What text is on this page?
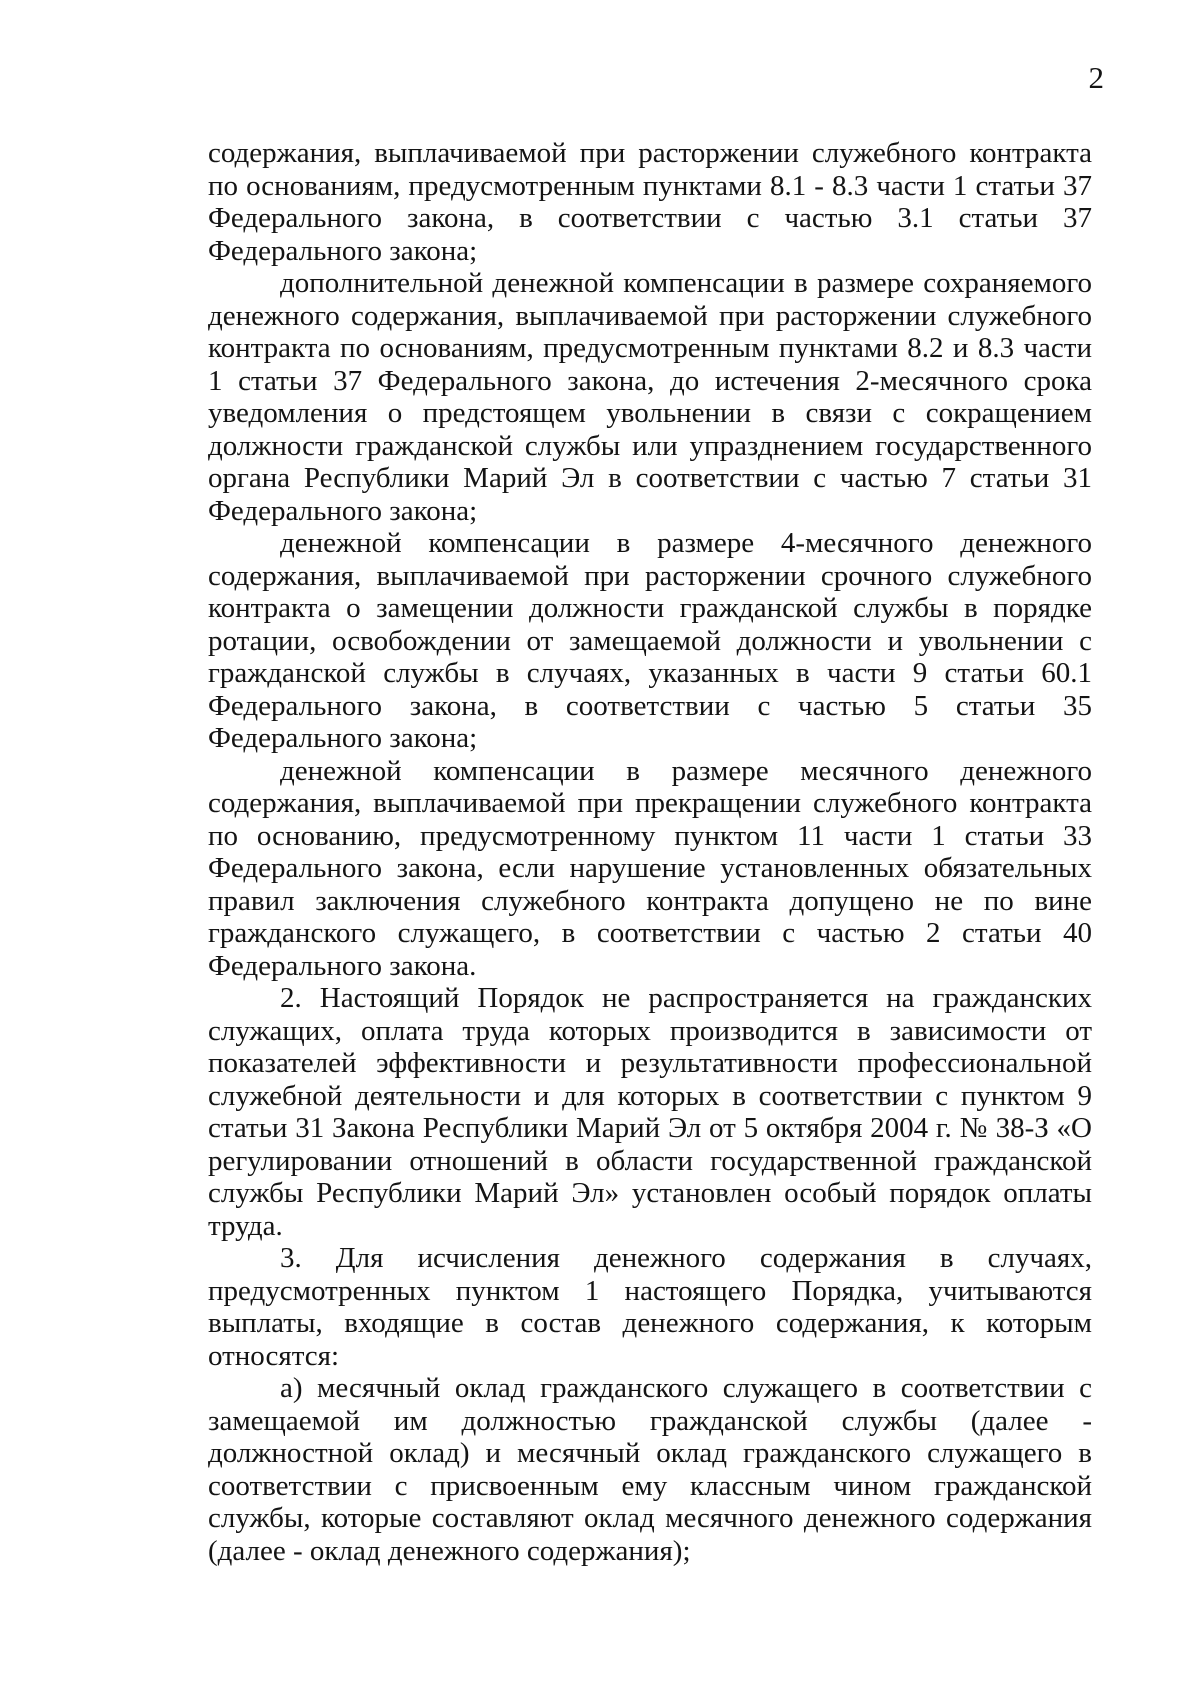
2

содержания, выплачиваемой при расторжении служебного контракта по основаниям, предусмотренным пунктами 8.1 - 8.3 части 1 статьи 37 Федерального закона, в соответствии с частью 3.1 статьи 37 Федерального закона;

дополнительной денежной компенсации в размере сохраняемого денежного содержания, выплачиваемой при расторжении служебного контракта по основаниям, предусмотренным пунктами 8.2 и 8.3 части 1 статьи 37 Федерального закона, до истечения 2-месячного срока уведомления о предстоящем увольнении в связи с сокращением должности гражданской службы или упразднением государственного органа Республики Марий Эл в соответствии с частью 7 статьи 31 Федерального закона;

денежной компенсации в размере 4-месячного денежного содержания, выплачиваемой при расторжении срочного служебного контракта о замещении должности гражданской службы в порядке ротации, освобождении от замещаемой должности и увольнении с гражданской службы в случаях, указанных в части 9 статьи 60.1 Федерального закона, в соответствии с частью 5 статьи 35 Федерального закона;

денежной компенсации в размере месячного денежного содержания, выплачиваемой при прекращении служебного контракта по основанию, предусмотренному пунктом 11 части 1 статьи 33 Федерального закона, если нарушение установленных обязательных правил заключения служебного контракта допущено не по вине гражданского служащего, в соответствии с частью 2 статьи 40 Федерального закона.

2. Настоящий Порядок не распространяется на гражданских служащих, оплата труда которых производится в зависимости от показателей эффективности и результативности профессиональной служебной деятельности и для которых в соответствии с пунктом 9 статьи 31 Закона Республики Марий Эл от 5 октября 2004 г. № 38-З «О регулировании отношений в области государственной гражданской службы Республики Марий Эл» установлен особый порядок оплаты труда.

3. Для исчисления денежного содержания в случаях, предусмотренных пунктом 1 настоящего Порядка, учитываются выплаты, входящие в состав денежного содержания, к которым относятся:

а) месячный оклад гражданского служащего в соответствии с замещаемой им должностью гражданской службы (далее - должностной оклад) и месячный оклад гражданского служащего в соответствии с присвоенным ему классным чином гражданской службы, которые составляют оклад месячного денежного содержания (далее - оклад денежного содержания);
